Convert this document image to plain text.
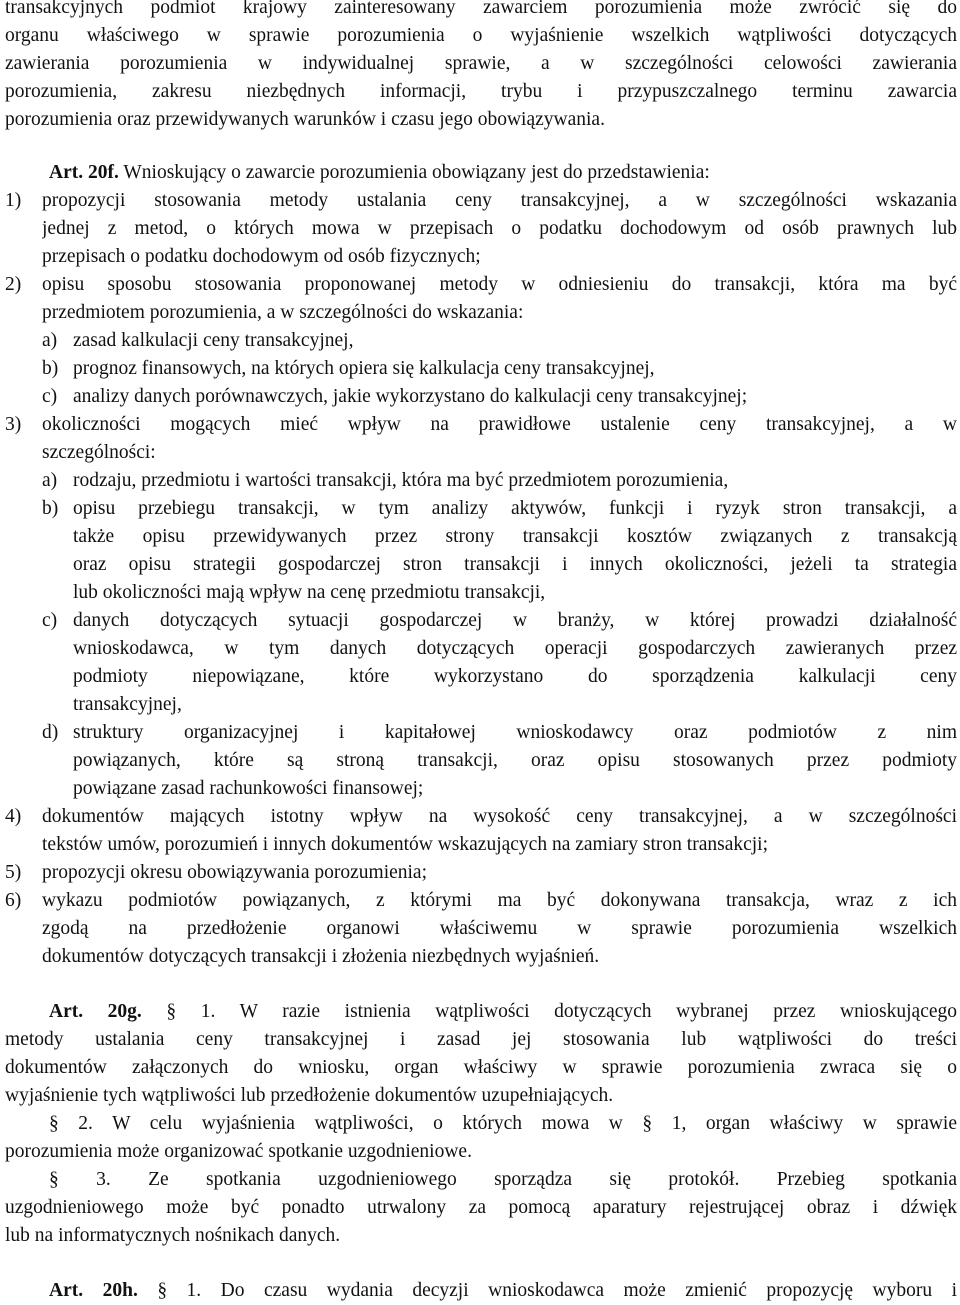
transakcyjnych podmiot krajowy zainteresowany zawarciem porozumienia może zwrócić się do
organu właściwego w sprawie porozumienia o wyjaśnienie wszelkich wątpliwości dotyczących
zawierania porozumienia w indywidualnej sprawie, a w szczególności celowości zawierania
porozumienia, zakresu niezbędnych informacji, trybu i przypuszczalnego terminu zawarcia
porozumienia oraz przewidywanych warunków i czasu jego obowiązywania.
Art. 20f. Wnioskujący o zawarcie porozumienia obowiązany jest do przedstawienia:
1) propozycji stosowania metody ustalania ceny transakcyjnej, a w szczególności wskazania
jednej z metod, o których mowa w przepisach o podatku dochodowym od osób prawnych lub
przepisach o podatku dochodowym od osób fizycznych;
2) opisu sposobu stosowania proponowanej metody w odniesieniu do transakcji, która ma być
przedmiotem porozumienia, a w szczególności do wskazania:
a) zasad kalkulacji ceny transakcyjnej,
b) prognoz finansowych, na których opiera się kalkulacja ceny transakcyjnej,
c) analizy danych porównawczych, jakie wykorzystano do kalkulacji ceny transakcyjnej;
3) okoliczności mogących mieć wpływ na prawidłowe ustalenie ceny transakcyjnej, a w
szczególności:
a) rodzaju, przedmiotu i wartości transakcji, która ma być przedmiotem porozumienia,
b) opisu przebiegu transakcji, w tym analizy aktywów, funkcji i ryzyk stron transakcji, a
także opisu przewidywanych przez strony transakcji kosztów związanych z transakcją
oraz opisu strategii gospodarczej stron transakcji i innych okoliczności, jeżeli ta strategia
lub okoliczności mają wpływ na cenę przedmiotu transakcji,
c) danych dotyczących sytuacji gospodarczej w branży, w której prowadzi działalność
wnioskodawca, w tym danych dotyczących operacji gospodarczych zawieranych przez
podmioty niepowiązane, które wykorzystano do sporządzenia kalkulacji ceny
transakcyjnej,
d) struktury organizacyjnej i kapitałowej wnioskodawcy oraz podmiotów z nim
powiązanych, które są stroną transakcji, oraz opisu stosowanych przez podmioty
powiązane zasad rachunkowości finansowej;
4) dokumentów mających istotny wpływ na wysokość ceny transakcyjnej, a w szczególności
tekstów umów, porozumień i innych dokumentów wskazujących na zamiary stron transakcji;
5) propozycji okresu obowiązywania porozumienia;
6) wykazu podmiotów powiązanych, z którymi ma być dokonywana transakcja, wraz z ich
zgodą na przedłożenie organowi właściwemu w sprawie porozumienia wszelkich
dokumentów dotyczących transakcji i złożenia niezbędnych wyjaśnień.
Art. 20g. § 1. W razie istnienia wątpliwości dotyczących wybranej przez wnioskującego
metody ustalania ceny transakcyjnej i zasad jej stosowania lub wątpliwości do treści
dokumentów załączonych do wniosku, organ właściwy w sprawie porozumienia zwraca się o
wyjaśnienie tych wątpliwości lub przedłożenie dokumentów uzupełniających.
§ 2. W celu wyjaśnienia wątpliwości, o których mowa w § 1, organ właściwy w sprawie
porozumienia może organizować spotkanie uzgodnieniowe.
§ 3. Ze spotkania uzgodnieniowego sporządza się protokół. Przebieg spotkania
uzgodnieniowego może być ponadto utrwalony za pomocą aparatury rejestrującej obraz i dźwięk
lub na informatycznych nośnikach danych.
Art. 20h. § 1. Do czasu wydania decyzji wnioskodawca może zmienić propozycję wyboru i
